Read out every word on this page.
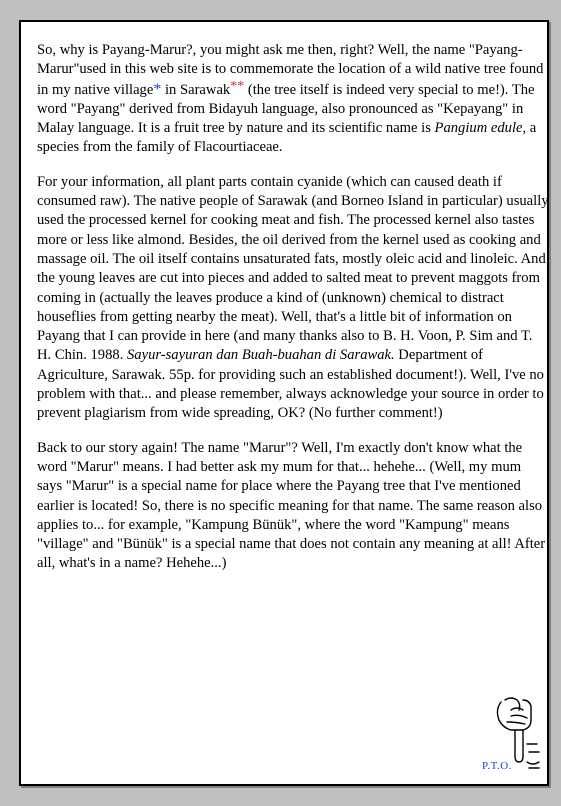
So, why is Payang-Marur?, you might ask me then, right? Well, the name "Payang-Marur"used in this web site is to commemorate the location of a wild native tree found in my native village* in Sarawak** (the tree itself is indeed very special to me!). The word "Payang" derived from Bidayuh language, also pronounced as "Kepayang" in Malay language. It is a fruit tree by nature and its scientific name is Pangium edule, a species from the family of Flacourtiaceae.

For your information, all plant parts contain cyanide (which can caused death if consumed raw). The native people of Sarawak (and Borneo Island in particular) usually used the processed kernel for cooking meat and fish. The processed kernel also tastes more or less like almond. Besides, the oil derived from the kernel used as cooking and massage oil. The oil itself contains unsaturated fats, mostly oleic acid and linoleic. And the young leaves are cut into pieces and added to salted meat to prevent maggots from coming in (actually the leaves produce a kind of (unknown) chemical to distract houseflies from getting nearby the meat). Well, that's a little bit of information on Payang that I can provide in here (and many thanks also to B. H. Voon, P. Sim and T. H. Chin. 1988. Sayur-sayuran dan Buah-buahan di Sarawak. Department of Agriculture, Sarawak. 55p. for providing such an established document!). Well, I've no problem with that... and please remember, always acknowledge your source in order to prevent plagiarism from wide spreading, OK? (No further comment!)

Back to our story again! The name "Marur"? Well, I'm exactly don't know what the word "Marur" means. I had better ask my mum for that... hehehe... (Well, my mum says "Marur" is a special name for place where the Payang tree that I've mentioned earlier is located! So, there is no specific meaning for that name. The same reason also applies to... for example, "Kampung Bünük", where the word "Kampung" means "village" and "Bünük" is a special name that does not contain any meaning at all! After all, what's in a name? Hehehe...)

P.T.O.
